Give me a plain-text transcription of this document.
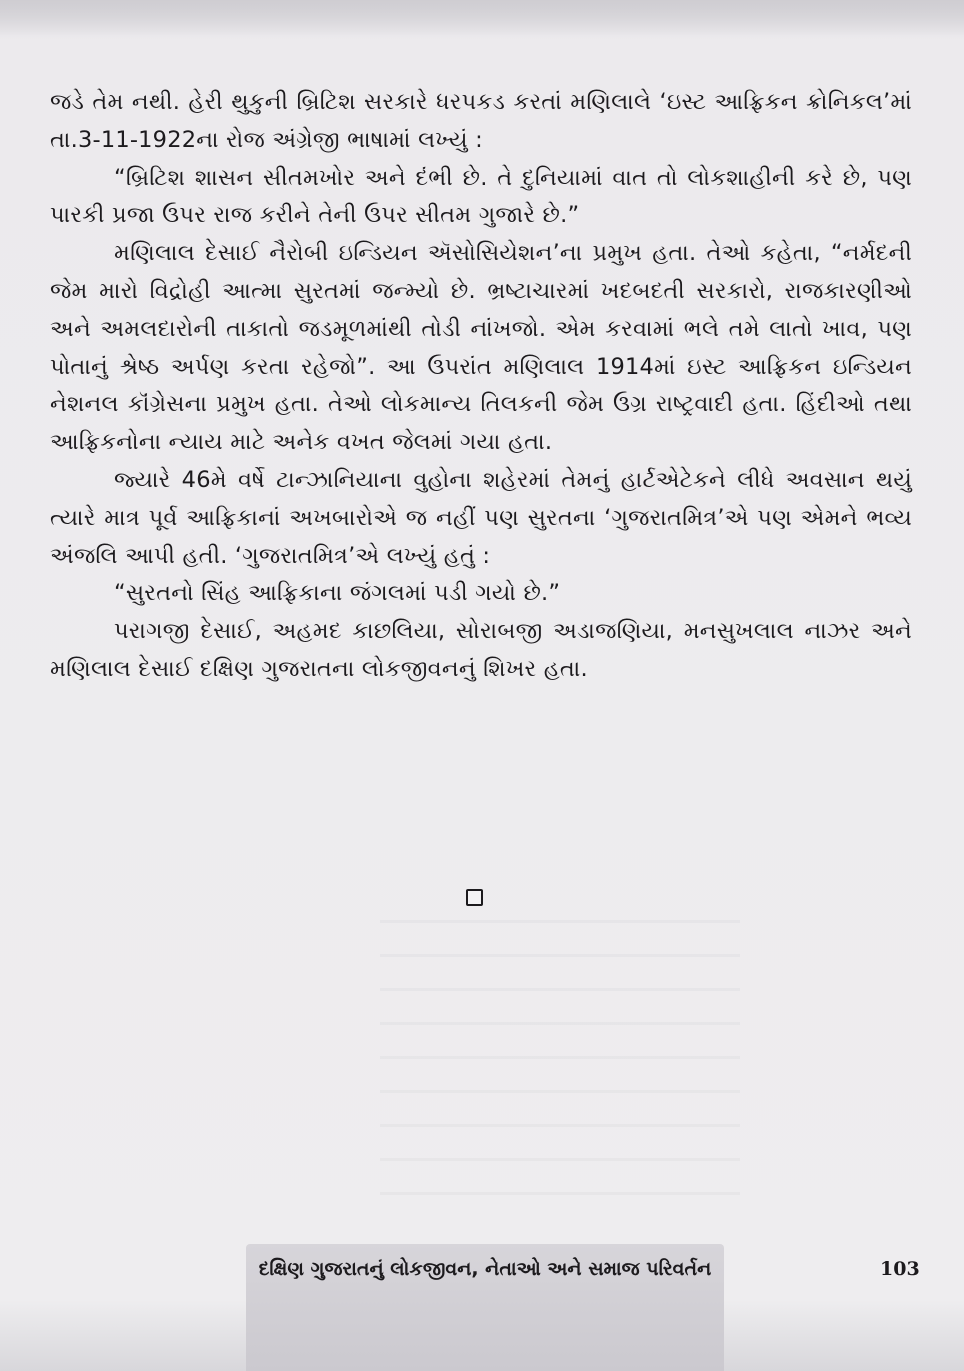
જડે તેમ નથી. હેરી થુકુની બ્રિટિશ સરકારે ધરપકડ કરતાં મણિલાલે ‘ઇસ્ટ આફ્રિકન ક્રોનિકલ’માં તા.3-11-1922ના રોજ અંગ્રેજી ભાષામાં લખ્યું :

“બ્રિટિશ શાસન સીતમખોર અને દંભી છે. તે દુનિયામાં વાત તો લોકશાહીની કરે છે, પણ પારકી પ્રજા ઉપર રાજ કરીને તેની ઉપર સીતમ ગુજારે છે.”

મણિલાલ દેસાઈ નૈરોબી ઇન્ડિયન ઍસોસિયેશન’ના પ્રમુખ હતા. તેઓ કહેતા, “નર્મદની જેમ મારો વિદ્રોહી આત્મા સુરતમાં જન્મ્યો છે. ભ્રષ્ટાચારમાં ખદબદતી સરકારો, રાજકારણીઓ અને અમલદારોની તાકાતો જડમૂળમાંથી તોડી નાંખજો. એમ કરવામાં ભલે તમે લાતો ખાવ, પણ પોતાનું શ્રેષ્ઠ અર્પણ કરતા રહેજો”. આ ઉપરાંત મણિલાલ 1914માં ઇસ્ટ આફ્રિકન ઇન્ડિયન નેશનલ કૉંગ્રેસના પ્રમુખ હતા. તેઓ લોકમાન્ય તિલકની જેમ ઉગ્ર રાષ્ટ્રવાદી હતા. હિંદીઓ તથા આફ્રિકનોના ન્યાય માટે અનેક વખત જેલમાં ગયા હતા.

જ્યારે 46મે વર્ષે ટાન્ઝાનિયાના વુહોના શહેરમાં તેમનું હાર્ટએટેકને લીધે અવસાન થયું ત્યારે માત્ર પૂર્વ આફ્રિકાનાં અખબારોએ જ નહીં પણ સુરતના ‘ગુજરાતમિત્ર’એ પણ એમને ભવ્ય અંજલિ આપી હતી. ‘ગુજરાતમિત્ર’એ લખ્યું હતું :

“સુરતનો સિંહ આફ્રિકાના જંગલમાં પડી ગયો છે.”

પરાગજી દેસાઈ, અહમદ કાછલિયા, સોરાબજી અડાજણિયા, મનસુખલાલ નાઝર અને મણિલાલ દેસાઈ દક્ષિણ ગુજરાતના લોકજીવનનું શિખર હતા.

દક્ષિણ ગુજરાતનું લોકજીવન, નેતાઓ અને સમાજ પરિવર્તન	103
